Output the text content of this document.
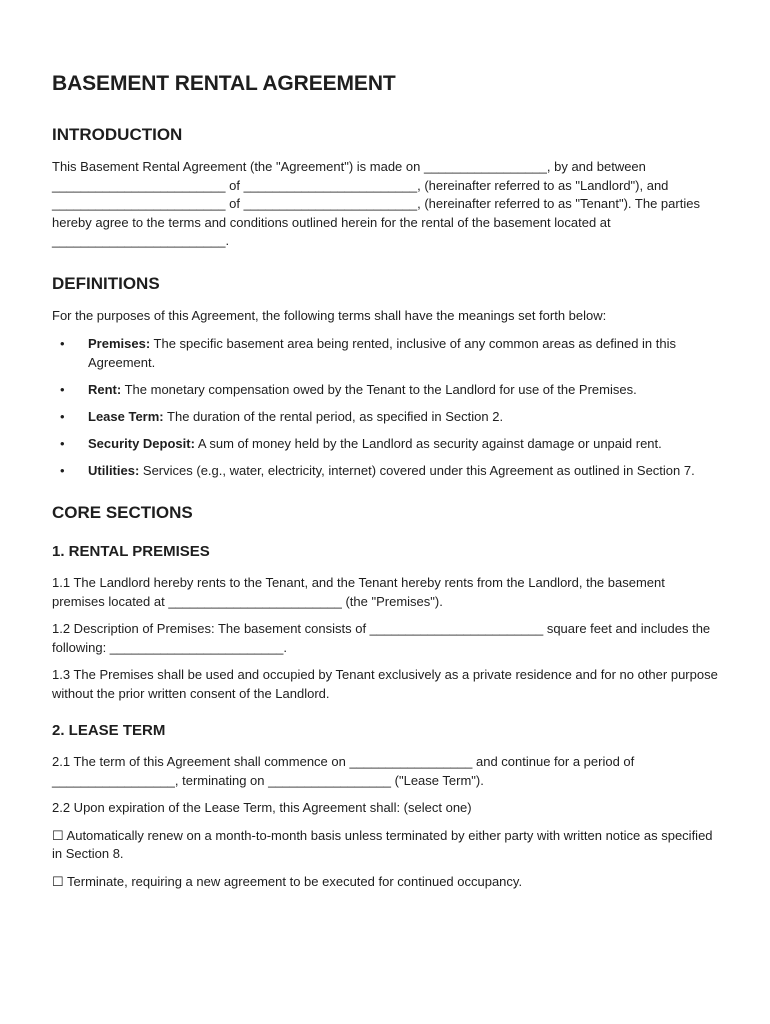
BASEMENT RENTAL AGREEMENT
INTRODUCTION

This Basement Rental Agreement (the "Agreement") is made on _________________, by and between ________________________ of ________________________, (hereinafter referred to as "Landlord"), and ________________________ of ________________________, (hereinafter referred to as "Tenant"). The parties hereby agree to the terms and conditions outlined herein for the rental of the basement located at ________________________.

DEFINITIONS

For the purposes of this Agreement, the following terms shall have the meanings set forth below:

• Premises: The specific basement area being rented, inclusive of any common areas as defined in this Agreement.
• Rent: The monetary compensation owed by the Tenant to the Landlord for use of the Premises.
• Lease Term: The duration of the rental period, as specified in Section 2.
• Security Deposit: A sum of money held by the Landlord as security against damage or unpaid rent.
• Utilities: Services (e.g., water, electricity, internet) covered under this Agreement as outlined in Section 7.
CORE SECTIONS
1. RENTAL PREMISES

1.1 The Landlord hereby rents to the Tenant, and the Tenant hereby rents from the Landlord, the basement premises located at ________________________ (the "Premises").

1.2 Description of Premises: The basement consists of ________________________ square feet and includes the following: ________________________.

1.3 The Premises shall be used and occupied by Tenant exclusively as a private residence and for no other purpose without the prior written consent of the Landlord.

2. LEASE TERM

2.1 The term of this Agreement shall commence on _________________ and continue for a period of _________________, terminating on _________________ ("Lease Term").

2.2 Upon expiration of the Lease Term, this Agreement shall: (select one)

☐ Automatically renew on a month-to-month basis unless terminated by either party with written notice as specified in Section 8.

☐ Terminate, requiring a new agreement to be executed for continued occupancy.
